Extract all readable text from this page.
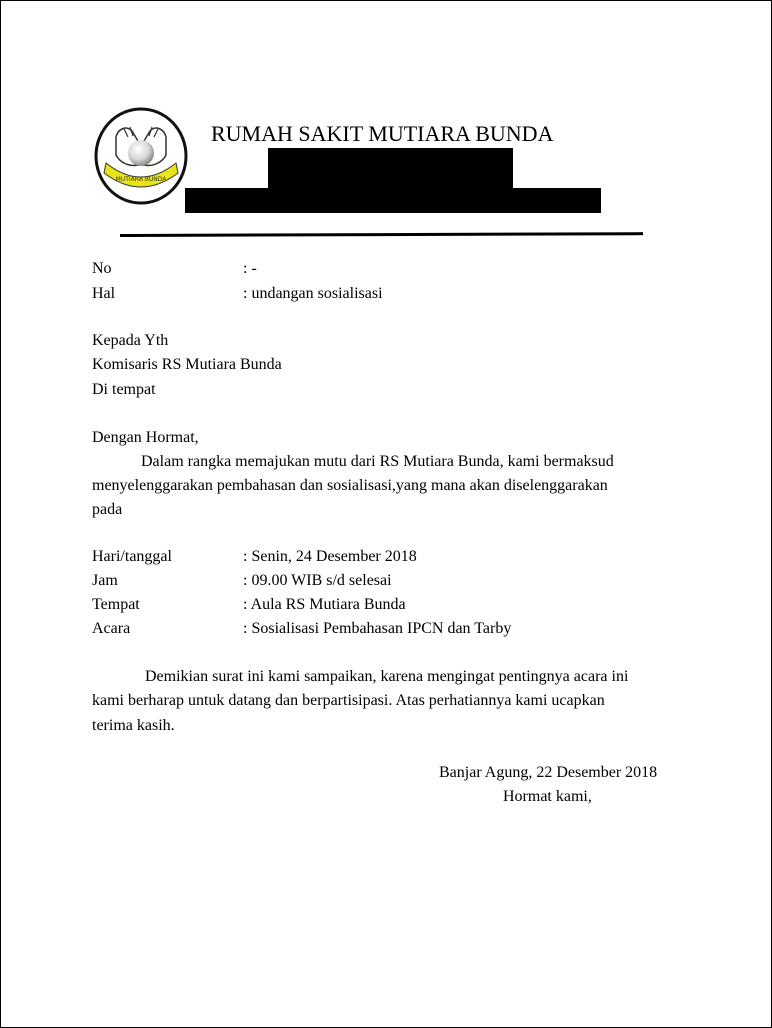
MUTIARA BUNDA
RUMAH SAKIT MUTIARA BUNDA
No	: -
Hal	: undangan sosialisasi
Kepada Yth
Komisaris RS Mutiara Bunda
Di tempat
Dengan Hormat,
Dalam rangka memajukan mutu dari RS Mutiara Bunda, kami bermaksud
menyelenggarakan pembahasan dan sosialisasi,yang mana akan diselenggarakan
pada
Hari/tanggal	: Senin, 24 Desember 2018
Jam	: 09.00 WIB s/d selesai
Tempat	: Aula RS Mutiara Bunda
Acara	: Sosialisasi Pembahasan IPCN dan Tarby
Demikian surat ini kami sampaikan, karena mengingat pentingnya acara ini
kami berharap untuk datang dan berpartisipasi. Atas perhatiannya kami ucapkan
terima kasih.
Banjar Agung, 22 Desember 2018
Hormat kami,
